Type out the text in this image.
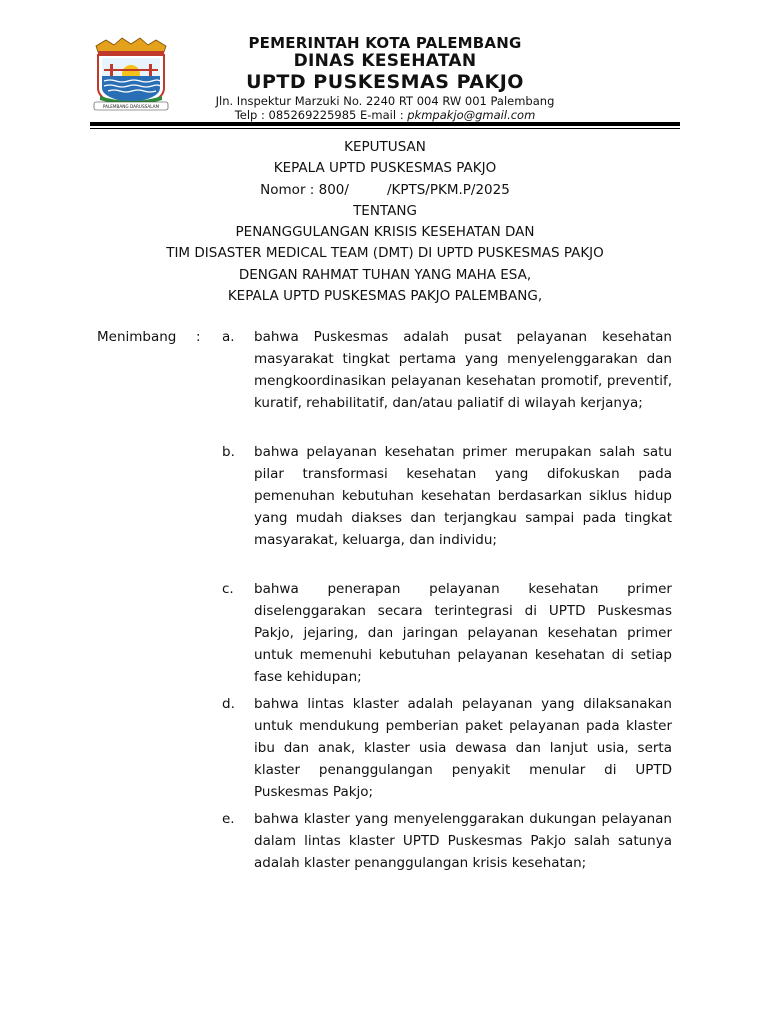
PALEMBANG DARUSSALAM
PEMERINTAH KOTA PALEMBANG
DINAS KESEHATAN
UPTD PUSKESMAS PAKJO
Jln. Inspektur Marzuki No. 2240 RT 004 RW 001 Palembang
Telp : 085269225985 E-mail : pkmpakjo@gmail.com
KEPUTUSAN
KEPALA UPTD PUSKESMAS PAKJO
Nomor : 800/	/KPTS/PKM.P/2025
TENTANG
PENANGGULANGAN KRISIS KESEHATAN DAN
TIM DISASTER MEDICAL TEAM (DMT) DI UPTD PUSKESMAS PAKJO
DENGAN RAHMAT TUHAN YANG MAHA ESA,
KEPALA UPTD PUSKESMAS PAKJO PALEMBANG,
Menimbang	: a. bahwa Puskesmas adalah pusat pelayanan kesehatan masyarakat tingkat pertama yang menyelenggarakan dan mengkoordinasikan pelayanan kesehatan promotif, preventif, kuratif, rehabilitatif, dan/atau paliatif di wilayah kerjanya;
b. bahwa pelayanan kesehatan primer merupakan salah satu pilar transformasi kesehatan yang difokuskan pada pemenuhan kebutuhan kesehatan berdasarkan siklus hidup yang mudah diakses dan terjangkau sampai pada tingkat masyarakat, keluarga, dan individu;
c. bahwa penerapan pelayanan kesehatan primer diselenggarakan secara terintegrasi di UPTD Puskesmas Pakjo, jejaring, dan jaringan pelayanan kesehatan primer untuk memenuhi kebutuhan pelayanan kesehatan di setiap fase kehidupan;
d. bahwa lintas klaster adalah pelayanan yang dilaksanakan untuk mendukung pemberian paket pelayanan pada klaster ibu dan anak, klaster usia dewasa dan lanjut usia, serta klaster penanggulangan penyakit menular di UPTD Puskesmas Pakjo;
e. bahwa klaster yang menyelenggarakan dukungan pelayanan dalam lintas klaster UPTD Puskesmas Pakjo salah satunya adalah klaster penanggulangan krisis kesehatan;
